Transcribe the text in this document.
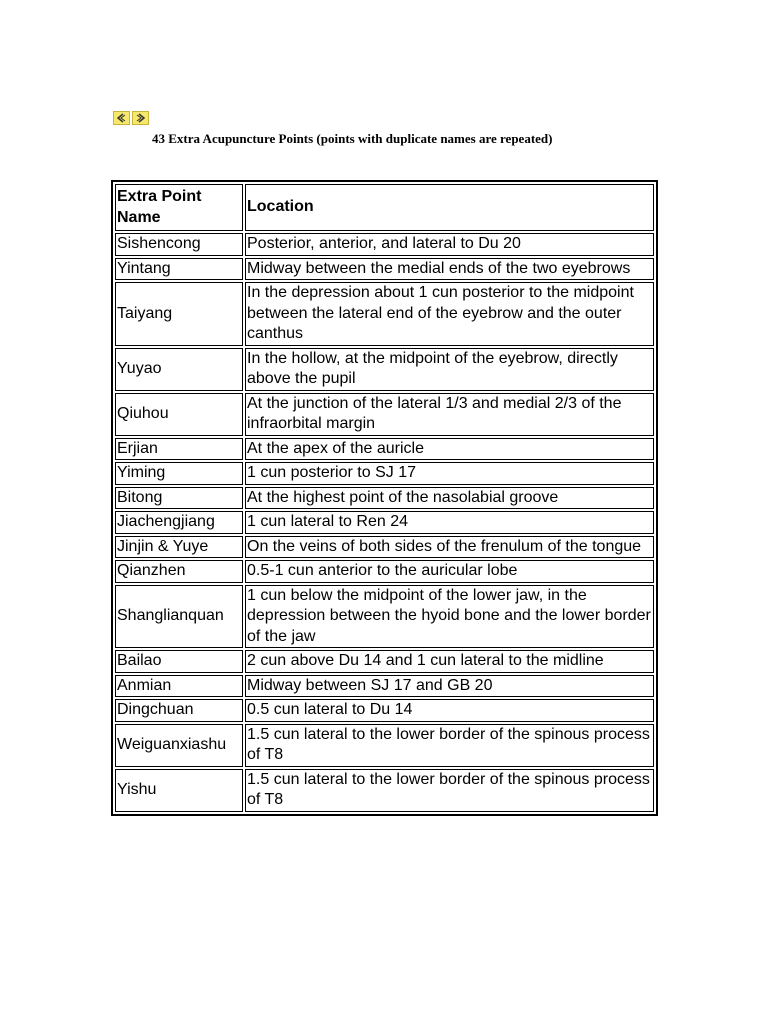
43 Extra Acupuncture Points (points with duplicate names are repeated)
Extra Point Name	Location
Sishencong	Posterior, anterior, and lateral to Du 20
Yintang	Midway between the medial ends of the two eyebrows
Taiyang	In the depression about 1 cun posterior to the midpoint between the lateral end of the eyebrow and the outer canthus
Yuyao	In the hollow, at the midpoint of the eyebrow, directly above the pupil
Qiuhou	At the junction of the lateral 1/3 and medial 2/3 of the infraorbital margin
Erjian	At the apex of the auricle
Yiming	1 cun posterior to SJ 17
Bitong	At the highest point of the nasolabial groove
Jiachengjiang	1 cun lateral to Ren 24
Jinjin & Yuye	On the veins of both sides of the frenulum of the tongue
Qianzhen	0.5-1 cun anterior to the auricular lobe
Shanglianquan	1 cun below the midpoint of the lower jaw, in the depression between the hyoid bone and the lower border of the jaw
Bailao	2 cun above Du 14 and 1 cun lateral to the midline
Anmian	Midway between SJ 17 and GB 20
Dingchuan	0.5 cun lateral to Du 14
Weiguanxiashu	1.5 cun lateral to the lower border of the spinous process of T8
Yishu	1.5 cun lateral to the lower border of the spinous process of T8
